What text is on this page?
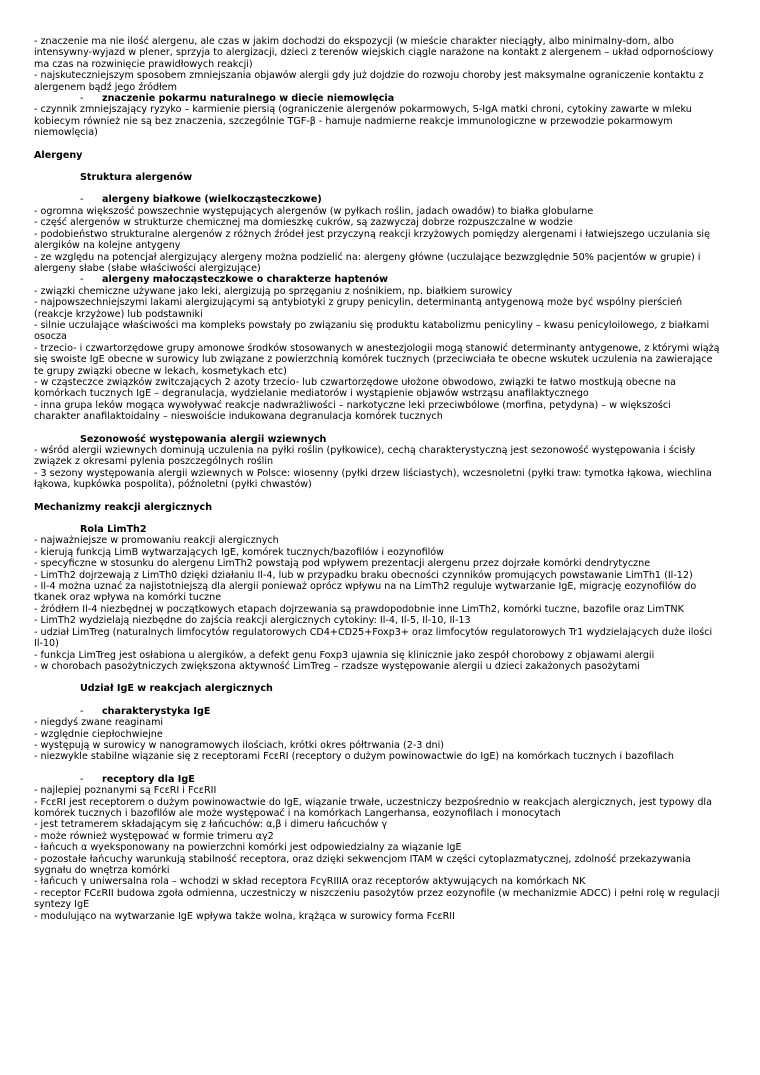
- znaczenie ma nie ilość alergenu, ale czas w jakim dochodzi do ekspozycji (w mieście charakter nieciągły, albo minimalny-dom, albo intensywny-wyjazd w plener, sprzyja to alergizacji, dzieci z terenów wiejskich ciągle narażone na kontakt z alergenem – układ odpornościowy ma czas na rozwinięcie prawidłowych reakcji)

- najskuteczniejszym sposobem zmniejszania objawów alergii gdy już dojdzie do rozwoju choroby jest maksymalne ograniczenie kontaktu z alergenem bądź jego źródłem

- znaczenie pokarmu naturalnego w diecie niemowlęcia

- czynnik zmniejszający ryzyko – karmienie piersią (ograniczenie alergenów pokarmowych, S-IgA matki chroni, cytokiny zawarte w mleku kobiecym również nie są bez znaczenia, szczególnie TGF-β - hamuje nadmierne reakcje immunologiczne w przewodzie pokarmowym niemowlęcia)

Alergeny

Struktura alergenów

- alergeny białkowe (wielkocząsteczkowe)

- ogromna większość powszechnie występujących alergenów (w pyłkach roślin, jadach owadów) to białka globularne

- część alergenów w strukturze chemicznej ma domieszkę cukrów, są zazwyczaj dobrze rozpuszczalne w wodzie

- podobieństwo strukturalne alergenów z różnych źródeł jest przyczyną reakcji krzyżowych pomiędzy alergenami i łatwiejszego uczulania się alergików na kolejne antygeny

- ze względu na potencjał alergizujący alergeny można podzielić na: alergeny główne (uczulające bezwzględnie 50% pacjentów w grupie) i alergeny słabe (słabe właściwości alergizujące)

- alergeny małocząsteczkowe o charakterze haptenów

- związki chemiczne używane jako leki, alergizują po sprzęganiu z nośnikiem, np. białkiem surowicy

- najpowszechniejszymi lakami alergizującymi są antybiotyki z grupy penicylin, determinantą antygenową może być wspólny pierścień (reakcje krzyżowe) lub podstawniki

- silnie uczulające właściwości ma kompleks powstały po związaniu się produktu katabolizmu penicyliny – kwasu penicyloilowego, z białkami osocza

- trzecio- i czwartorzędowe grupy amonowe środków stosowanych w anestezjologii mogą stanowić determinanty antygenowe, z którymi wiążą się swoiste IgE obecne w surowicy lub związane z powierzchnią komórek tucznych (przeciwciała te obecne wskutek uczulenia na zawierające te grupy związki obecne w lekach, kosmetykach etc)

- w cząsteczce związków zwitczających 2 azoty trzecio- lub czwartorzędowe ułożone obwodowo, związki te łatwo mostkują obecne na komórkach tucznych IgE – degranulacja, wydzielanie mediatorów i wystąpienie objawów wstrząsu anafilaktycznego

- inna grupa leków mogąca wywoływać reakcje nadwrażliwości – narkotyczne leki przeciwbólowe (morfina, petydyna) – w większości charakter anafilaktoidalny – nieswoiście indukowana degranulacja komórek tucznych

Sezonowość występowania alergii wziewnych

- wśród alergii wziewnych dominują uczulenia na pyłki roślin (pyłkowice), cechą charakterystyczną jest sezonowość występowania i ścisły związek z okresami pylenia poszczególnych roślin

- 3 sezony występowania alergii wziewnych w Polsce: wiosenny (pyłki drzew liściastych), wczesnoletni (pyłki traw: tymotka łąkowa, wiechlina łąkowa, kupkówka pospolita), późnoletni (pyłki chwastów)

Mechanizmy reakcji alergicznych

Rola LimTh2

- najważniejsze w promowaniu reakcji alergicznych

- kierują funkcją LimB wytwarzających IgE, komórek tucznych/bazofilów i eozynofilów

- specyficzne w stosunku do alergenu LimTh2 powstają pod wpływem prezentacji alergenu przez dojrzałe komórki dendrytyczne

- LimTh2 dojrzewają z LimTh0 dzięki działaniu Il-4, lub w przypadku braku obecności czynników promujących powstawanie LimTh1 (Il-12)

- Il-4 można uznać za najistotniejszą dla alergii ponieważ oprócz wpływu na na LimTh2 reguluje wytwarzanie IgE, migrację eozynofilów do tkanek oraz wpływa na komórki tuczne

- źródłem Il-4 niezbędnej w początkowych etapach dojrzewania są prawdopodobnie inne LimTh2, komórki tuczne, bazofile oraz LimTNK

- LimTh2 wydzielają niezbędne do zajścia reakcji alergicznych cytokiny: Il-4, Il-5, Il-10, Il-13

- udział LimTreg (naturalnych limfocytów regulatorowych CD4+CD25+Foxp3+ oraz limfocytów regulatorowych Tr1 wydzielających duże ilości Il-10)

- funkcja LimTreg jest osłabiona u alergików, a defekt genu Foxp3 ujawnia się klinicznie jako zespół chorobowy z objawami alergii

- w chorobach pasożytniczych zwiększona aktywność LimTreg – rzadsze występowanie alergii u dzieci zakażonych pasożytami

Udział IgE w reakcjach alergicznych

- charakterystyka IgE

- niegdyś zwane reaginami

- względnie ciepłochwiejne

- występują w surowicy w nanogramowych ilościach, krótki okres półtrwania (2-3 dni)

- niezwykle stabilne wiązanie się z receptorami FcεRI (receptory o dużym powinowactwie do IgE) na komórkach tucznych i bazofilach

- receptory dla IgE

- najlepiej poznanymi są FcεRI i FcεRII

- FcεRI jest receptorem o dużym powinowactwie do IgE, wiązanie trwałe, uczestniczy bezpośrednio w reakcjach alergicznych, jest typowy dla komórek tucznych i bazofilów ale może występować i na komórkach Langerhansa, eozynofilach i monocytach

- jest tetramerem składającym się z łańcuchów: α,β i dimeru łańcuchów γ

- może również występować w formie trimeru αγ2

- łańcuch α wyeksponowany na powierzchni komórki jest odpowiedzialny za wiązanie IgE

- pozostałe łańcuchy warunkują stabilność receptora, oraz dzięki sekwencjom ITAM w części cytoplazmatycznej, zdolność przekazywania sygnału do wnętrza komórki

- łańcuch γ uniwersalna rola – wchodzi w skład receptora FcγRIIIA oraz receptorów aktywujących na komórkach NK

- receptor FCεRII budowa zgoła odmienna, uczestniczy w niszczeniu pasożytów przez eozynofile (w mechanizmie ADCC) i pełni rolę w regulacji syntezy IgE

- modulująco na wytwarzanie IgE wpływa także wolna, krążąca w surowicy forma FcεRII
